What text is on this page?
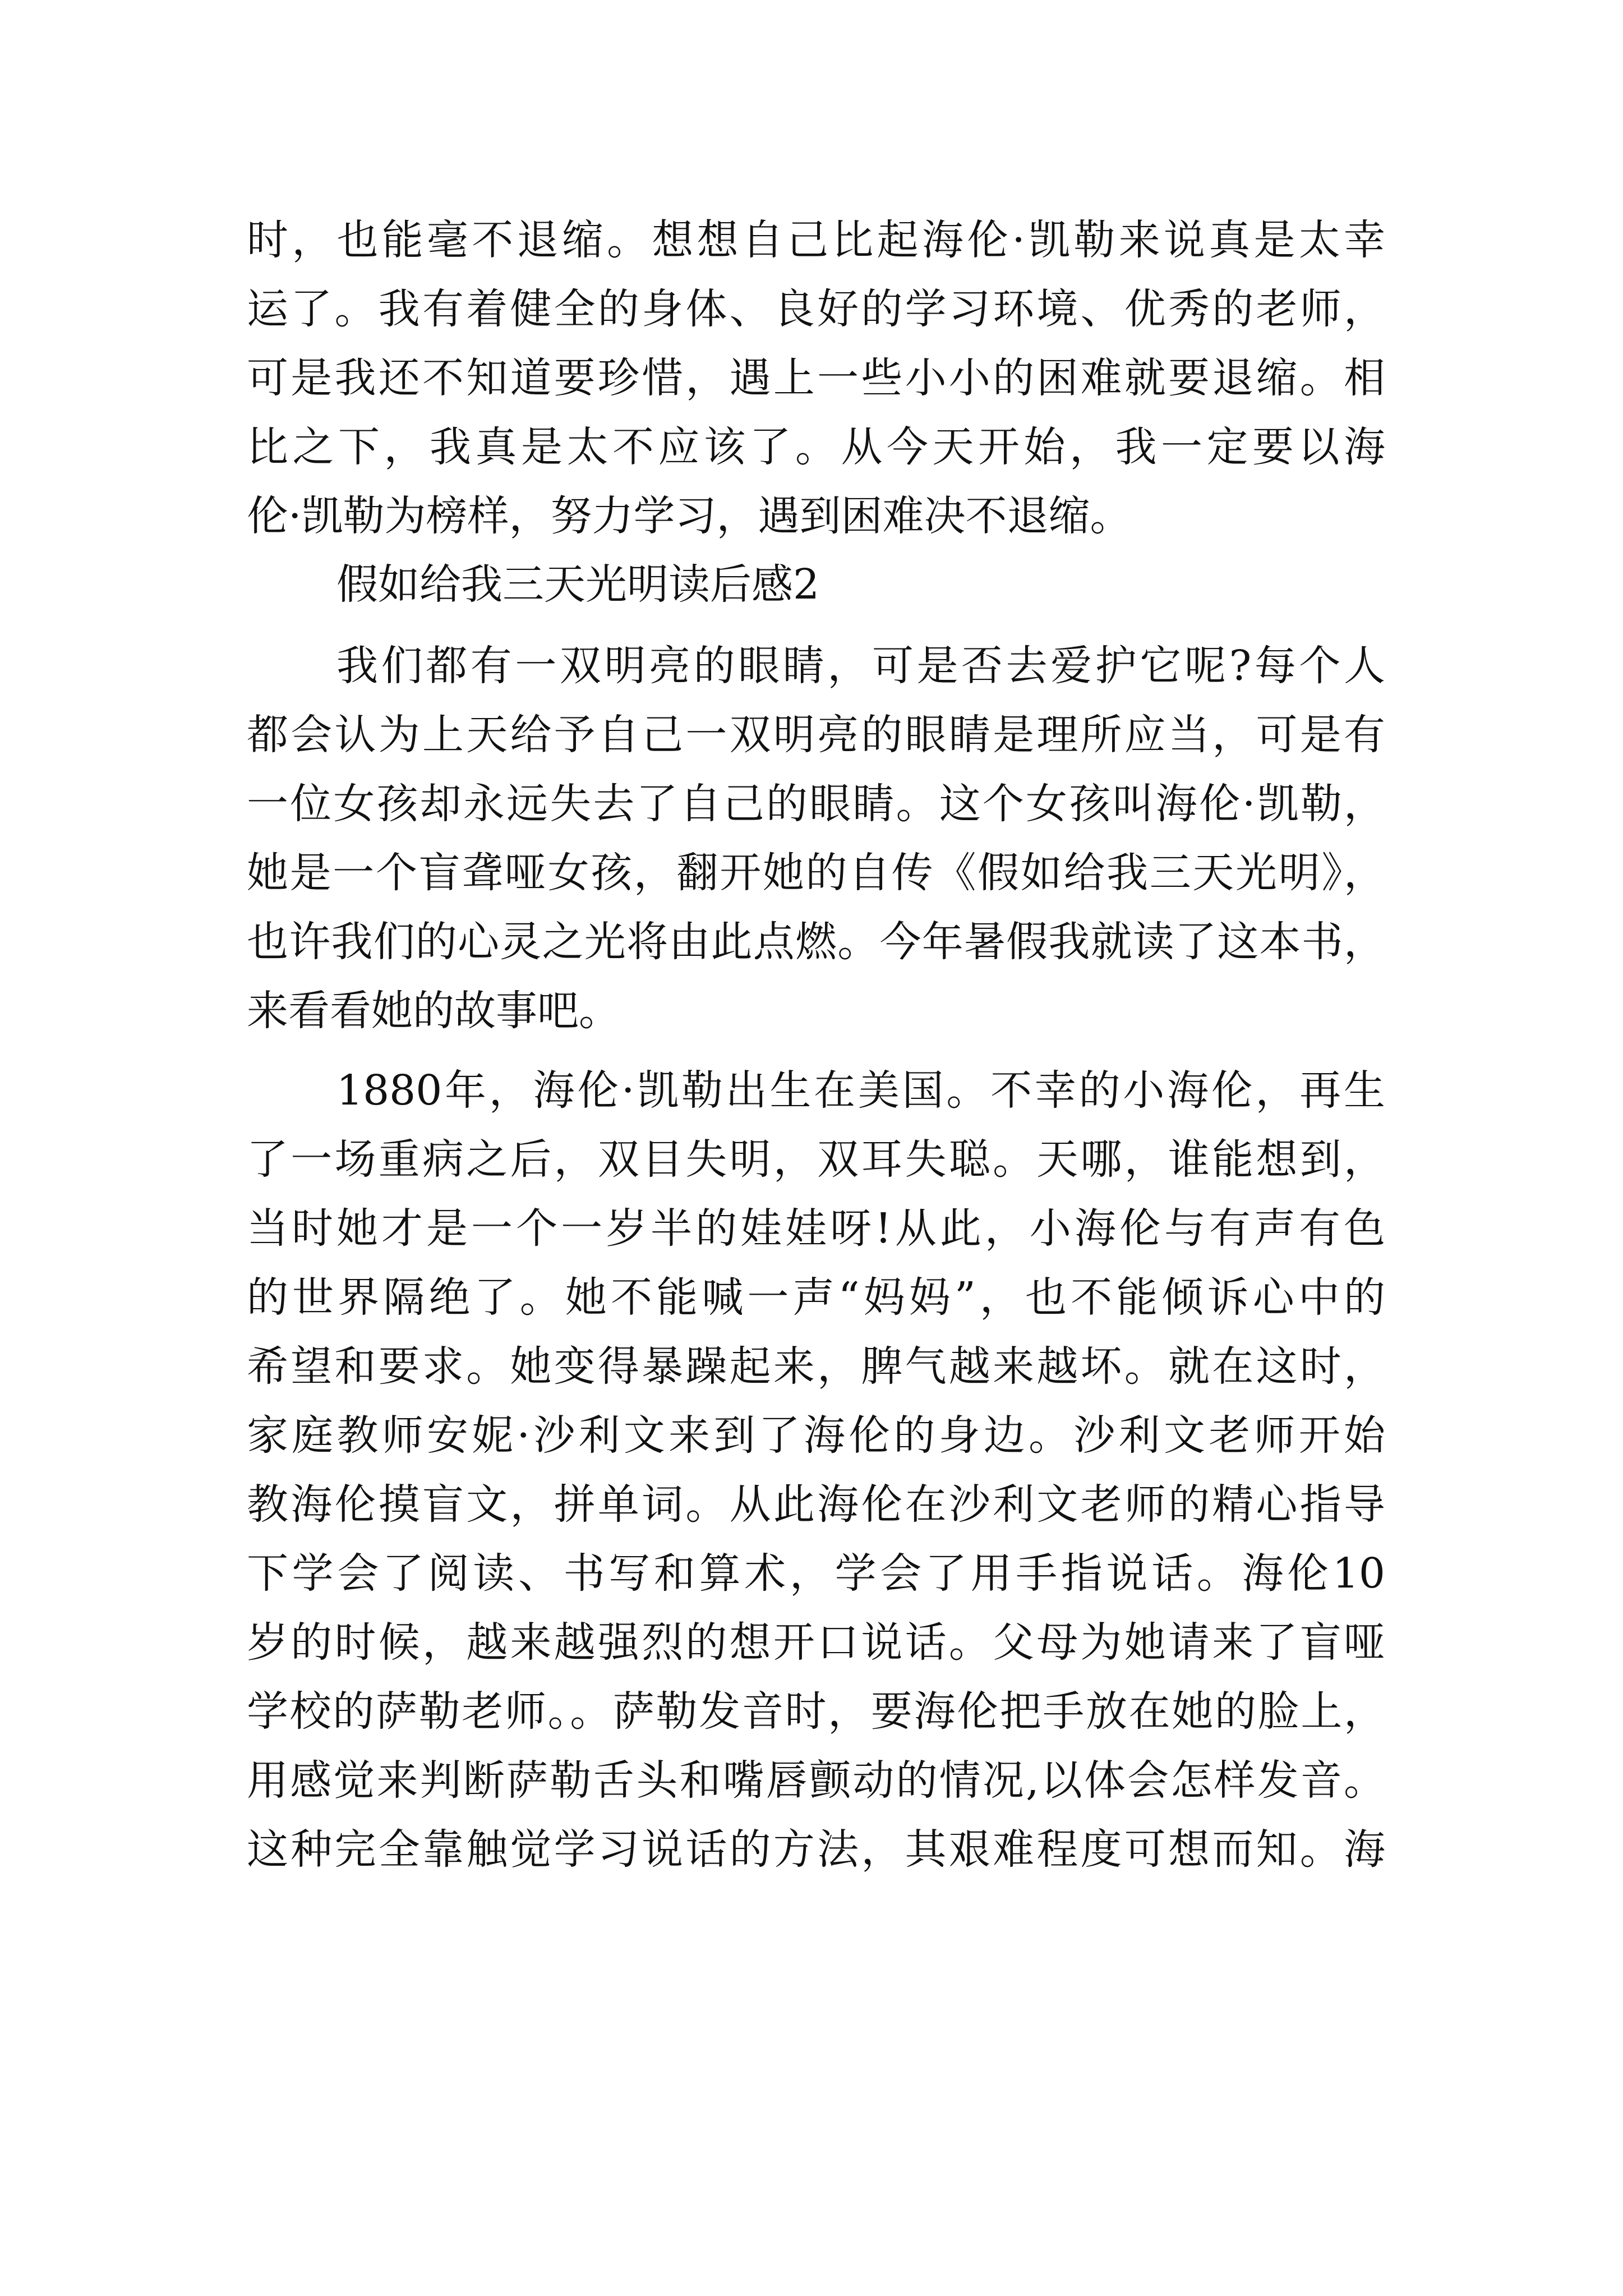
时，也能毫不退缩。想想自己比起海伦·凯勒来说真是太幸
运了。我有着健全的身体、良好的学习环境、优秀的老师，
可是我还不知道要珍惜，遇上一些小小的困难就要退缩。相
比之下，我真是太不应该了。从今天开始，我一定要以海
伦·凯勒为榜样，努力学习，遇到困难决不退缩。
假如给我三天光明读后感2
我们都有一双明亮的眼睛，可是否去爱护它呢?每个人
都会认为上天给予自己一双明亮的眼睛是理所应当，可是有
一位女孩却永远失去了自己的眼睛。这个女孩叫海伦·凯勒，
她是一个盲聋哑女孩，翻开她的自传《假如给我三天光明》，
也许我们的心灵之光将由此点燃。今年暑假我就读了这本书，
来看看她的故事吧。
1880年，海伦·凯勒出生在美国。不幸的小海伦，再生
了一场重病之后，双目失明，双耳失聪。天哪，谁能想到，
当时她才是一个一岁半的娃娃呀!从此，小海伦与有声有色
的世界隔绝了。她不能喊一声“妈妈”，也不能倾诉心中的
希望和要求。她变得暴躁起来，脾气越来越坏。就在这时，
家庭教师安妮·沙利文来到了海伦的身边。沙利文老师开始
教海伦摸盲文，拼单词。从此海伦在沙利文老师的精心指导
下学会了阅读、书写和算术，学会了用手指说话。海伦10
岁的时候，越来越强烈的想开口说话。父母为她请来了盲哑
学校的萨勒老师。。萨勒发音时，要海伦把手放在她的脸上，
用感觉来判断萨勒舌头和嘴唇颤动的情况,以体会怎样发音。
这种完全靠触觉学习说话的方法，其艰难程度可想而知。海
